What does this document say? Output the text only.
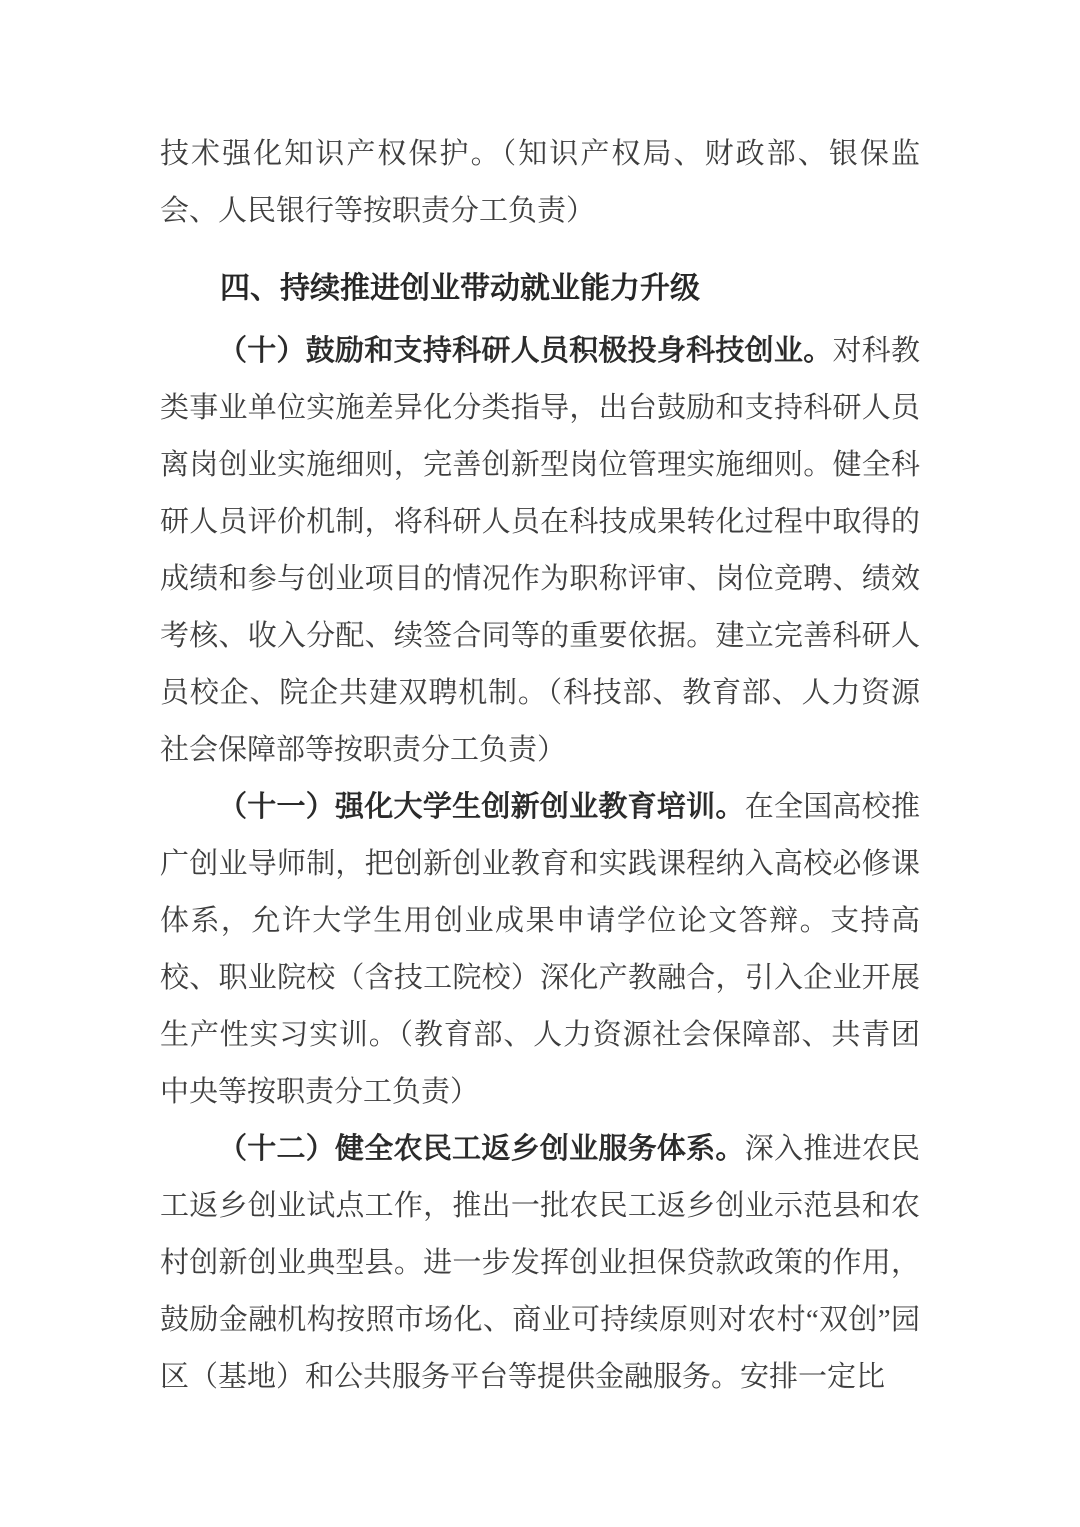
技术强化知识产权保护。（知识产权局、财政部、银保监会、人民银行等按职责分工负责）

四、持续推进创业带动就业能力升级

（十）鼓励和支持科研人员积极投身科技创业。对科教类事业单位实施差异化分类指导，出台鼓励和支持科研人员离岗创业实施细则，完善创新型岗位管理实施细则。健全科研人员评价机制，将科研人员在科技成果转化过程中取得的成绩和参与创业项目的情况作为职称评审、岗位竞聘、绩效考核、收入分配、续签合同等的重要依据。建立完善科研人员校企、院企共建双聘机制。（科技部、教育部、人力资源社会保障部等按职责分工负责）

（十一）强化大学生创新创业教育培训。在全国高校推广创业导师制，把创新创业教育和实践课程纳入高校必修课体系，允许大学生用创业成果申请学位论文答辩。支持高校、职业院校（含技工院校）深化产教融合，引入企业开展生产性实习实训。（教育部、人力资源社会保障部、共青团中央等按职责分工负责）

（十二）健全农民工返乡创业服务体系。深入推进农民工返乡创业试点工作，推出一批农民工返乡创业示范县和农村创新创业典型县。进一步发挥创业担保贷款政策的作用，鼓励金融机构按照市场化、商业可持续原则对农村“双创”园区（基地）和公共服务平台等提供金融服务。安排一定比
